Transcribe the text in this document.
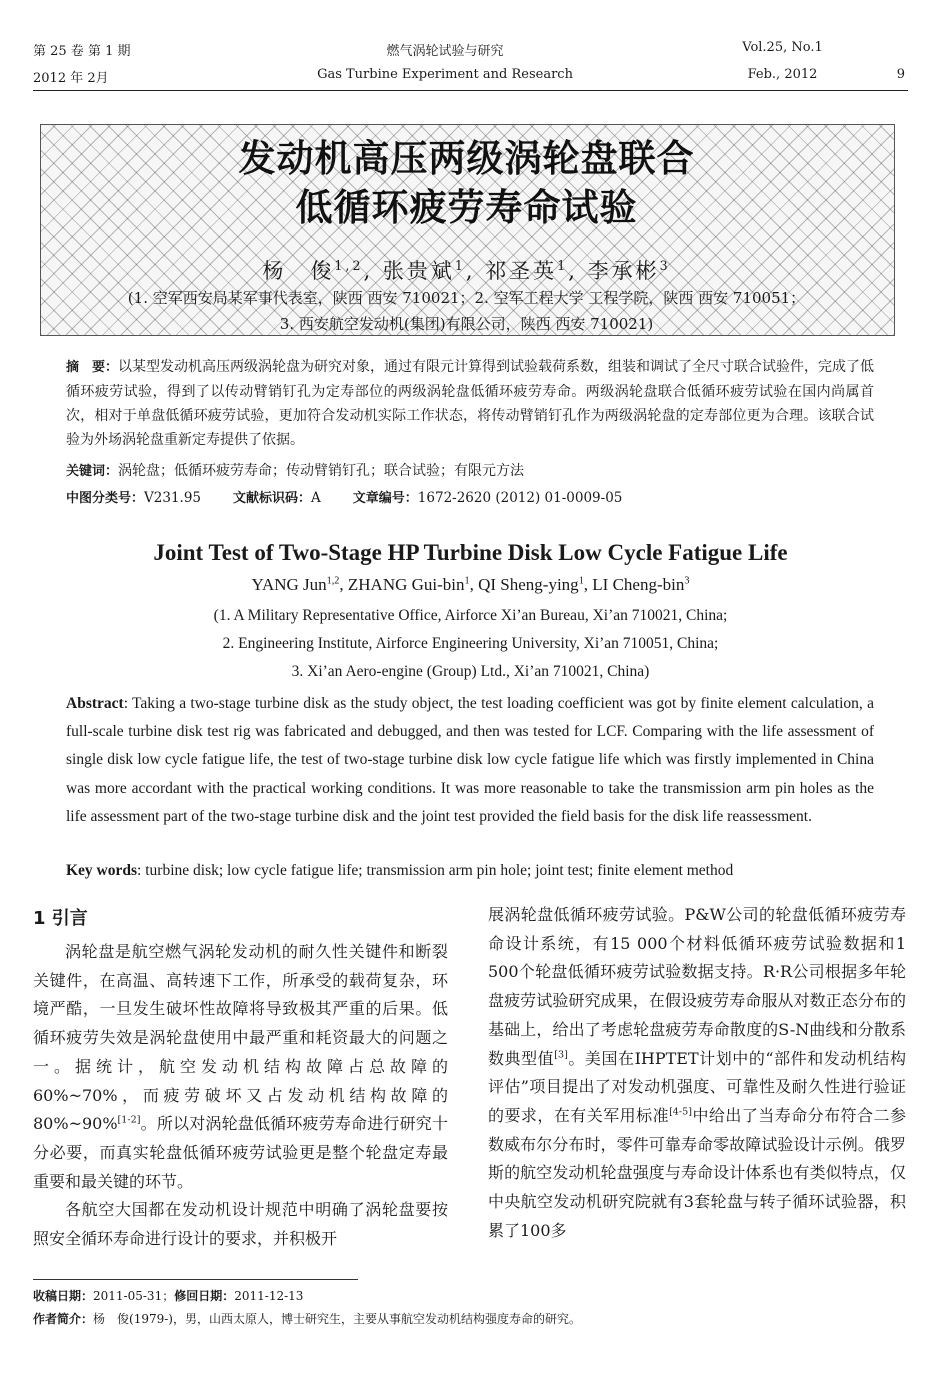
第 25 卷 第 1 期
2012 年 2月
燃气涡轮试验与研究
Gas Turbine Experiment and Research
Vol.25, No.1
Feb., 2012	9
发动机高压两级涡轮盘联合
低循环疲劳寿命试验
杨　俊$^{1,2}$, 张贵斌$^1$, 祁圣英$^1$, 李承彬$^3$
(1. 空军西安局某军事代表室，陕西 西安 710021；2. 空军工程大学 工程学院，陕西 西安 710051；
3. 西安航空发动机(集团)有限公司，陕西 西安 710021)
摘　要：以某型发动机高压两级涡轮盘为研究对象，通过有限元计算得到试验载荷系数，组装和调试了全尺寸联合试验件，完成了低循环疲劳试验，得到了以传动臂销钉孔为定寿部位的两级涡轮盘低循环疲劳寿命。两级涡轮盘联合低循环疲劳试验在国内尚属首次，相对于单盘低循环疲劳试验，更加符合发动机实际工作状态，将传动臂销钉孔作为两级涡轮盘的定寿部位更为合理。该联合试验为外场涡轮盘重新定寿提供了依据。
关键词：涡轮盘；低循环疲劳寿命；传动臂销钉孔；联合试验；有限元方法
中图分类号：V231.95 文献标识码：A 文章编号：1672-2620 (2012) 01-0009-05
Joint Test of Two-Stage HP Turbine Disk Low Cycle Fatigue Life
YANG Jun$^{1,2}$, ZHANG Gui-bin$^1$, QI Sheng-ying$^1$, LI Cheng-bin$^3$
(1. A Military Representative Office, Airforce Xi’an Bureau, Xi’an 710021, China;
2. Engineering Institute, Airforce Engineering University, Xi’an 710051, China;
3. Xi’an Aero-engine (Group) Ltd., Xi’an 710021, China)
Abstract: Taking a two-stage turbine disk as the study object, the test loading coefficient was got by finite element calculation, a full-scale turbine disk test rig was fabricated and debugged, and then was tested for LCF. Comparing with the life assessment of single disk low cycle fatigue life, the test of two-stage turbine disk low cycle fatigue life which was firstly implemented in China was more accordant with the practical working conditions. It was more reasonable to take the transmission arm pin holes as the life assessment part of the two-stage turbine disk and the joint test provided the field basis for the disk life reassessment.
Key words: turbine disk; low cycle fatigue life; transmission arm pin hole; joint test; finite element method
1 引言

涡轮盘是航空燃气涡轮发动机的耐久性关键件和断裂关键件，在高温、高转速下工作，所承受的载荷复杂，环境严酷，一旦发生破坏性故障将导致极其严重的后果。低循环疲劳失效是涡轮盘使用中最严重和耗资最大的问题之一。据统计，航空发动机结构故障占总故障的60%~70%，而疲劳破坏又占发动机结构故障的80%~90%[1-2]。所以对涡轮盘低循环疲劳寿命进行研究十分必要，而真实轮盘低循环疲劳试验更是整个轮盘定寿最重要和最关键的环节。

各航空大国都在发动机设计规范中明确了涡轮盘要按照安全循环寿命进行设计的要求，并积极开

展涡轮盘低循环疲劳试验。P&W公司的轮盘低循环疲劳寿命设计系统，有15 000个材料低循环疲劳试验数据和1 500个轮盘低循环疲劳试验数据支持。R·R公司根据多年轮盘疲劳试验研究成果，在假设疲劳寿命服从对数正态分布的基础上，给出了考虑轮盘疲劳寿命散度的S-N曲线和分散系数典型值[3]。美国在IHPTET计划中的“部件和发动机结构评估”项目提出了对发动机强度、可靠性及耐久性进行验证的要求，在有关军用标准[4-5]中给出了当寿命分布符合二参数威布尔分布时，零件可靠寿命零故障试验设计示例。俄罗斯的航空发动机轮盘强度与寿命设计体系也有类似特点，仅中央航空发动机研究院就有3套轮盘与转子循环试验器，积累了100多

收稿日期：2011-05-31；修回日期：2011-12-13
作者简介：杨　俊(1979-)，男，山西太原人，博士研究生，主要从事航空发动机结构强度寿命的研究。
